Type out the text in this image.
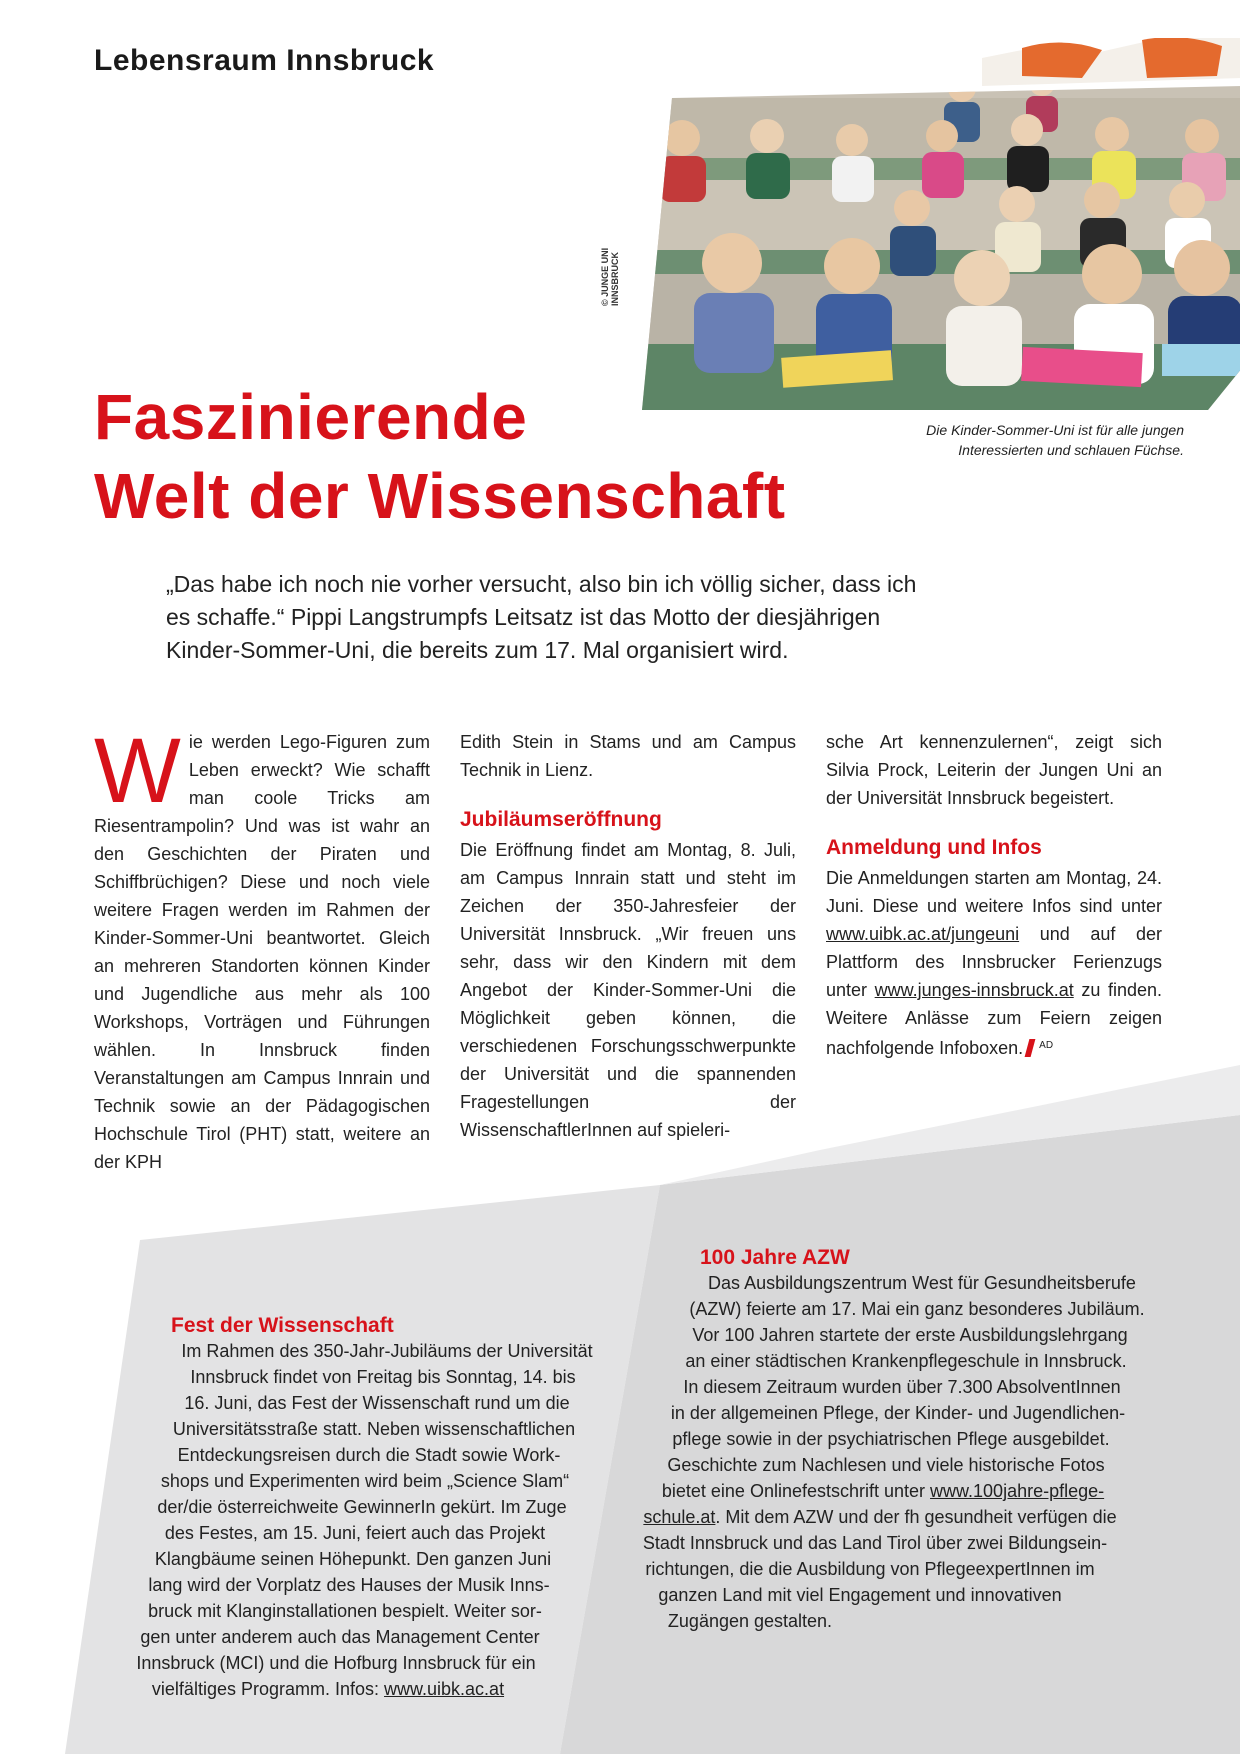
Lebensraum Innsbruck
© JUNGE UNI INNSBRUCK
Die Kinder-Sommer-Uni ist für alle jungen
Interessierten und schlauen Füchse.
Faszinierende
Welt der Wissenschaft
„Das habe ich noch nie vorher versucht, also bin ich völlig sicher, dass ich es schaffe.“ Pippi Langstrumpfs Leitsatz ist das Motto der diesjährigen Kinder-Sommer-Uni, die bereits zum 17. Mal organisiert wird.

Wie werden Lego-Figuren zum Leben erweckt? Wie schafft man coole Tricks am Riesentrampolin? Und was ist wahr an den Geschichten der Piraten und Schiffbrüchigen? Diese und noch viele weitere Fragen werden im Rahmen der Kinder-Sommer-Uni beantwortet. Gleich an mehreren Standorten können Kinder und Jugendliche aus mehr als 100 Workshops, Vorträgen und Führungen wählen. In Innsbruck finden Veranstaltungen am Campus Innrain und Technik sowie an der Pädagogischen Hochschule Tirol (PHT) statt, weitere an der KPH

Edith Stein in Stams und am Campus Technik in Lienz.

Jubiläumseröffnung

Die Eröffnung findet am Montag, 8. Juli, am Campus Innrain statt und steht im Zeichen der 350-Jahresfeier der Universität Innsbruck. „Wir freuen uns sehr, dass wir den Kindern mit dem Angebot der Kinder-Sommer-Uni die Möglichkeit geben können, die verschiedenen Forschungsschwerpunkte der Universität und die spannenden Fragestellungen der WissenschaftlerInnen auf spieleri-

sche Art kennenzulernen“, zeigt sich Silvia Prock, Leiterin der Jungen Uni an der Universität Innsbruck begeistert.

Anmeldung und Infos

Die Anmeldungen starten am Montag, 24. Juni. Diese und weitere Infos sind unter www.uibk.ac.at/jungeuni und auf der Plattform des Innsbrucker Ferienzugs unter www.junges-innsbruck.at zu finden. Weitere Anlässe zum Feiern zeigen nachfolgende Infoboxen. $^{AD}$

Fest der Wissenschaft
Im Rahmen des 350-Jahr-Jubiläums der Universität
Innsbruck findet von Freitag bis Sonntag, 14. bis
16. Juni, das Fest der Wissenschaft rund um die
Universitätsstraße statt. Neben wissenschaftlichen
Entdeckungsreisen durch die Stadt sowie Work-
shops und Experimenten wird beim „Science Slam“
der/die österreichweite GewinnerIn gekürt. Im Zuge
des Festes, am 15. Juni, feiert auch das Projekt
Klangbäume seinen Höhepunkt. Den ganzen Juni
lang wird der Vorplatz des Hauses der Musik Inns-
bruck mit Klanginstallationen bespielt. Weiter sor-
gen unter anderem auch das Management Center
Innsbruck (MCI) und die Hofburg Innsbruck für ein
vielfältiges Programm. Infos: www.uibk.ac.at
100 Jahre AZW
Das Ausbildungszentrum West für Gesundheitsberufe
(AZW) feierte am 17. Mai ein ganz besonderes Jubiläum.
Vor 100 Jahren startete der erste Ausbildungslehrgang
an einer städtischen Krankenpflegeschule in Innsbruck.
In diesem Zeitraum wurden über 7.300 AbsolventInnen
in der allgemeinen Pflege, der Kinder- und Jugendlichen-
pflege sowie in der psychiatrischen Pflege ausgebildet.
Geschichte zum Nachlesen und viele historische Fotos
bietet eine Onlinefestschrift unter www.100jahre-pflege-
schule.at. Mit dem AZW und der fh gesundheit verfügen die
Stadt Innsbruck und das Land Tirol über zwei Bildungsein-
richtungen, die die Ausbildung von PflegeexpertInnen im
ganzen Land mit viel Engagement und innovativen
Zugängen gestalten.
